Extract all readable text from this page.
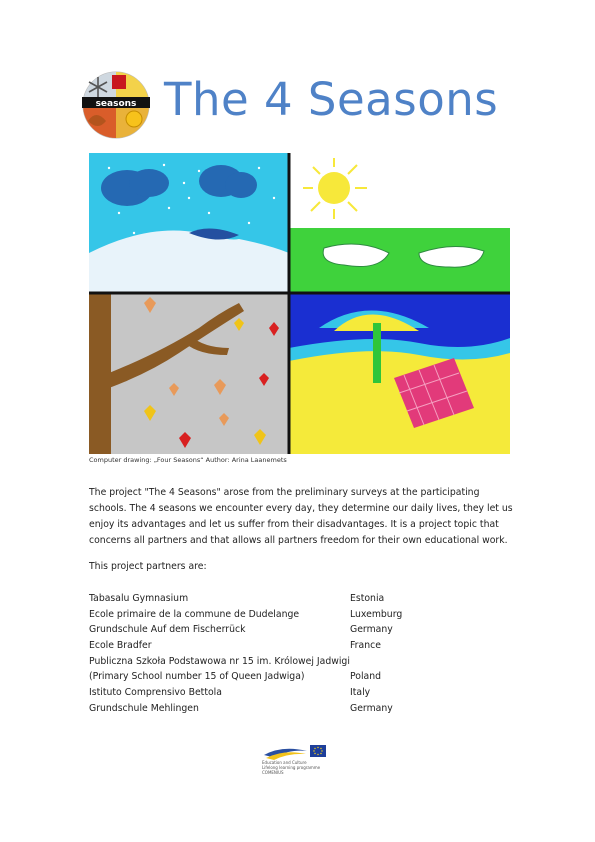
seasons The 4 Seasons
Computer drawing: „Four Seasons“ Author: Arina Laanemets

The project "The 4 Seasons" arose from the preliminary surveys at the participating schools. The 4 seasons we encounter every day, they determine our daily lives, they let us enjoy its advantages and let us suffer from their disadvantages. It is a project topic that concerns all partners and that allows all partners freedom for their own educational work.

This project partners are:
Tabasalu Gymnasium	Estonia
Ecole primaire de la commune de Dudelange	Luxemburg
Grundschule Auf dem Fischerrück	Germany
Ecole Bradfer	France
Publiczna Szkoła Podstawowa nr 15 im. Królowej Jadwigi
(Primary School number 15 of Queen Jadwiga)	Poland
Istituto Comprensivo Bettola	Italy
Grundschule Mehlingen	Germany
Education and Culture
Lifelong learning programme
COMENIUS
